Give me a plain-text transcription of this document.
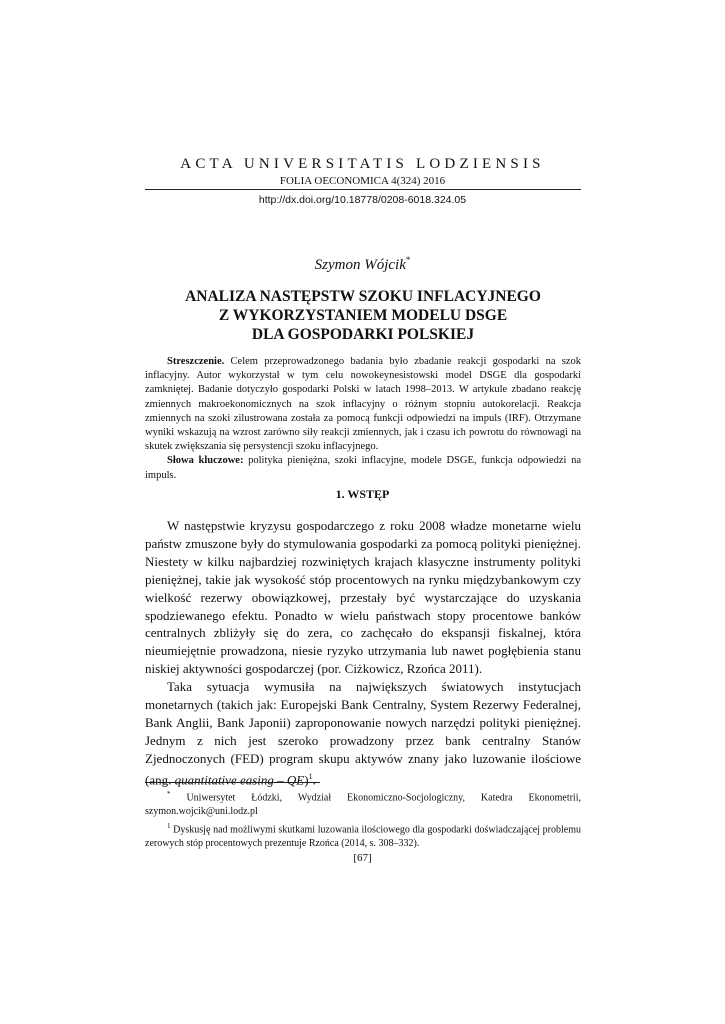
ACTA UNIVERSITATIS LODZIENSIS
FOLIA OECONOMICA 4(324) 2016
http://dx.doi.org/10.18778/0208-6018.324.05
Szymon Wójcik*
ANALIZA NASTĘPSTW SZOKU INFLACYJNEGO
Z WYKORZYSTANIEM MODELU DSGE
DLA GOSPODARKI POLSKIEJ

Streszczenie. Celem przeprowadzonego badania było zbadanie reakcji gospodarki na szok inflacyjny. Autor wykorzystał w tym celu nowokeynesistowski model DSGE dla gospodarki zamkniętej. Badanie dotyczyło gospodarki Polski w latach 1998–2013. W artykule zbadano reakcję zmiennych makroekonomicznych na szok inflacyjny o różnym stopniu autokorelacji. Reakcja zmiennych na szoki zilustrowana została za pomocą funkcji odpowiedzi na impuls (IRF). Otrzymane wyniki wskazują na wzrost zarówno siły reakcji zmiennych, jak i czasu ich powrotu do równowagi na skutek zwiększania się persystencji szoku inflacyjnego.

Słowa kluczowe: polityka pieniężna, szoki inflacyjne, modele DSGE, funkcja odpowiedzi na impuls.

1. WSTĘP

W następstwie kryzysu gospodarczego z roku 2008 władze monetarne wielu państw zmuszone były do stymulowania gospodarki za pomocą polityki pieniężnej. Niestety w kilku najbardziej rozwiniętych krajach klasyczne instrumenty polityki pieniężnej, takie jak wysokość stóp procentowych na rynku międzybankowym czy wielkość rezerwy obowiązkowej, przestały być wystarczające do uzyskania spodziewanego efektu. Ponadto w wielu państwach stopy procentowe banków centralnych zbliżyły się do zera, co zachęcało do ekspansji fiskalnej, która nieumiejętnie prowadzona, niesie ryzyko utrzymania lub nawet pogłębienia stanu niskiej aktywności gospodarczej (por. Ciżkowicz, Rzońca 2011).

Taka sytuacja wymusiła na największych światowych instytucjach monetarnych (takich jak: Europejski Bank Centralny, System Rezerwy Federalnej, Bank Anglii, Bank Japonii) zaproponowanie nowych narzędzi polityki pieniężnej. Jednym z nich jest szeroko prowadzony przez bank centralny Stanów Zjednoczonych (FED) program skupu aktywów znany jako luzowanie ilościowe (ang. quantitative easing – QE)$^1$.

* Uniwersytet Łódzki, Wydział Ekonomiczno-Socjologiczny, Katedra Ekonometrii, szymon.wojcik@uni.lodz.pl

$^1$ Dyskusję nad możliwymi skutkami luzowania ilościowego dla gospodarki doświadczającej problemu zerowych stóp procentowych prezentuje Rzońca (2014, s. 308–332).

[67]
